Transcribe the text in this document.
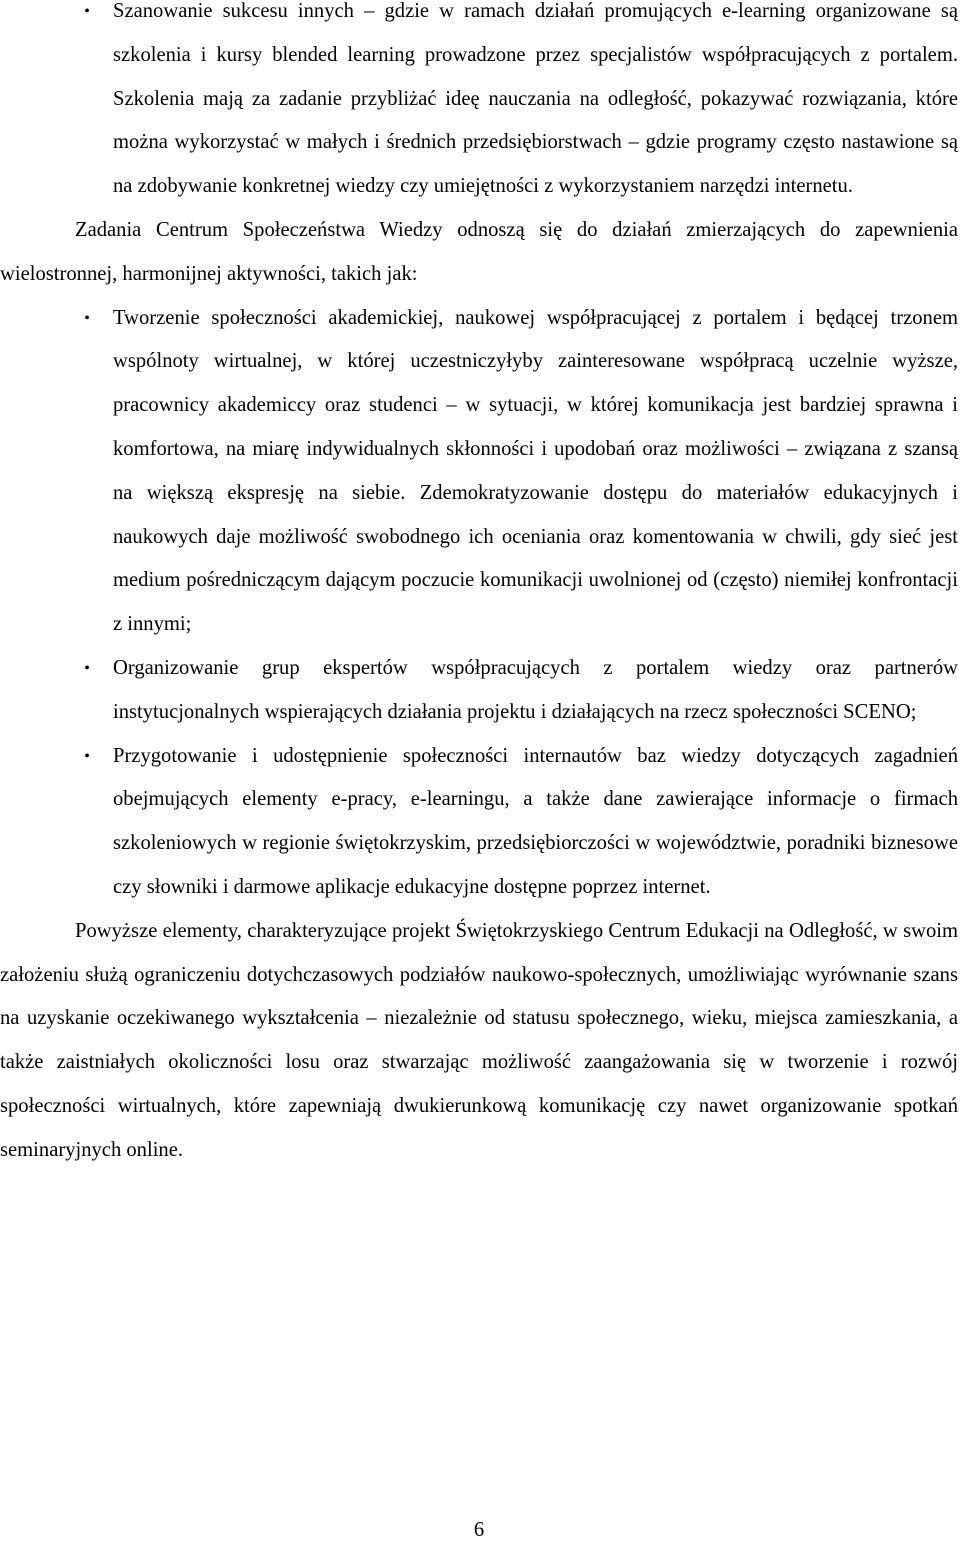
•	Szanowanie sukcesu innych – gdzie w ramach działań promujących e-learning organizowane są szkolenia i kursy blended learning prowadzone przez specjalistów współpracujących z portalem. Szkolenia mają za zadanie przybliżać ideę nauczania na odległość, pokazywać rozwiązania, które można wykorzystać w małych i średnich przedsiębiorstwach – gdzie programy często nastawione są na zdobywanie konkretnej wiedzy czy umiejętności z wykorzystaniem narzędzi internetu.

Zadania Centrum Społeczeństwa Wiedzy odnoszą się do działań zmierzających do zapewnienia wielostronnej, harmonijnej aktywności, takich jak:

•	Tworzenie społeczności akademickiej, naukowej współpracującej z portalem i będącej trzonem wspólnoty wirtualnej, w której uczestniczyłyby zainteresowane współpracą uczelnie wyższe, pracownicy akademiccy oraz studenci – w sytuacji, w której komunikacja jest bardziej sprawna i komfortowa, na miarę indywidualnych skłonności i upodobań oraz możliwości – związana z szansą na większą ekspresję na siebie. Zdemokratyzowanie dostępu do materiałów edukacyjnych i naukowych daje możliwość swobodnego ich oceniania oraz komentowania w chwili, gdy sieć jest medium pośredniczącym dającym poczucie komunikacji uwolnionej od (często) niemiłej konfrontacji z innymi;
•	Organizowanie grup ekspertów współpracujących z portalem wiedzy oraz partnerów instytucjonalnych wspierających działania projektu i działających na rzecz społeczności SCENO;
•	Przygotowanie i udostępnienie społeczności internautów baz wiedzy dotyczących zagadnień obejmujących elementy e-pracy, e-learningu, a także dane zawierające informacje o firmach szkoleniowych w regionie świętokrzyskim, przedsiębiorczości w województwie, poradniki biznesowe czy słowniki i darmowe aplikacje edukacyjne dostępne poprzez internet.

Powyższe elementy, charakteryzujące projekt Świętokrzyskiego Centrum Edukacji na Odległość, w swoim założeniu służą ograniczeniu dotychczasowych podziałów naukowo-społecznych, umożliwiając wyrównanie szans na uzyskanie oczekiwanego wykształcenia – niezależnie od statusu społecznego, wieku, miejsca zamieszkania, a także zaistniałych okoliczności losu oraz stwarzając możliwość zaangażowania się w tworzenie i rozwój społeczności wirtualnych, które zapewniają dwukierunkową komunikację czy nawet organizowanie spotkań seminaryjnych online.

6
